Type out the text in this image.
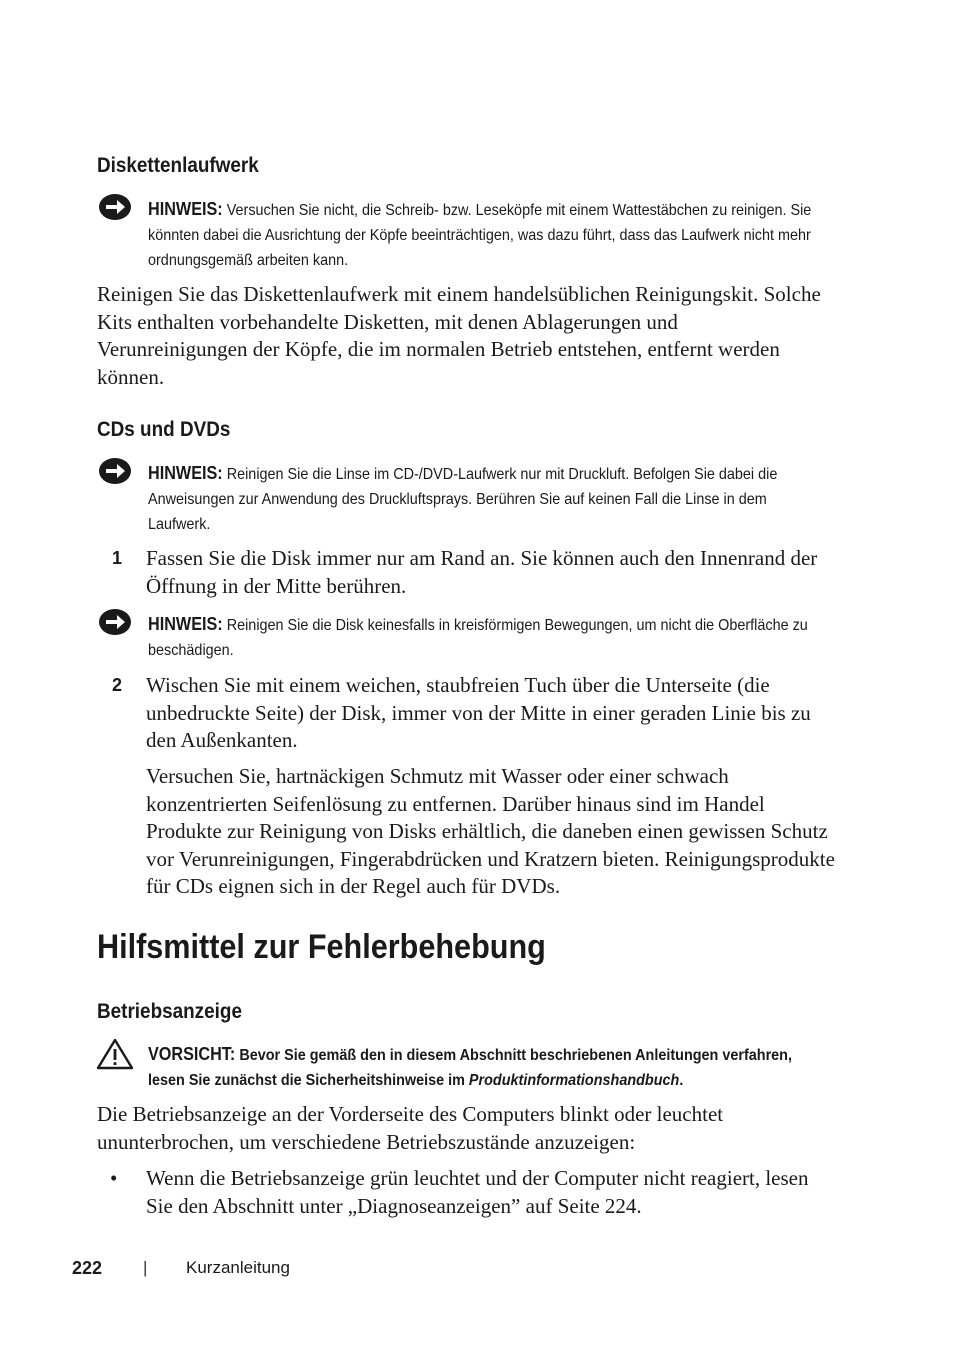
Diskettenlaufwerk
HINWEIS: Versuchen Sie nicht, die Schreib- bzw. Leseköpfe mit einem Wattestäbchen zu reinigen. Sie könnten dabei die Ausrichtung der Köpfe beeinträchtigen, was dazu führt, dass das Laufwerk nicht mehr ordnungsgemäß arbeiten kann.
Reinigen Sie das Diskettenlaufwerk mit einem handelsüblichen Reinigungskit. Solche Kits enthalten vorbehandelte Disketten, mit denen Ablagerungen und Verunreinigungen der Köpfe, die im normalen Betrieb entstehen, entfernt werden können.
CDs und DVDs
HINWEIS: Reinigen Sie die Linse im CD-/DVD-Laufwerk nur mit Druckluft. Befolgen Sie dabei die Anweisungen zur Anwendung des Druckluftsprays. Berühren Sie auf keinen Fall die Linse in dem Laufwerk.
1 Fassen Sie die Disk immer nur am Rand an. Sie können auch den Innenrand der Öffnung in der Mitte berühren.
HINWEIS: Reinigen Sie die Disk keinesfalls in kreisförmigen Bewegungen, um nicht die Oberfläche zu beschädigen.
2 Wischen Sie mit einem weichen, staubfreien Tuch über die Unterseite (die unbedruckte Seite) der Disk, immer von der Mitte in einer geraden Linie bis zu den Außenkanten.
Versuchen Sie, hartnäckigen Schmutz mit Wasser oder einer schwach konzentrierten Seifenlösung zu entfernen. Darüber hinaus sind im Handel Produkte zur Reinigung von Disks erhältlich, die daneben einen gewissen Schutz vor Verunreinigungen, Fingerabdrücken und Kratzern bieten. Reinigungsprodukte für CDs eignen sich in der Regel auch für DVDs.
Hilfsmittel zur Fehlerbehebung
Betriebsanzeige
VORSICHT: Bevor Sie gemäß den in diesem Abschnitt beschriebenen Anleitungen verfahren, lesen Sie zunächst die Sicherheitshinweise im Produktinformationshandbuch.
Die Betriebsanzeige an der Vorderseite des Computers blinkt oder leuchtet ununterbrochen, um verschiedene Betriebszustände anzuzeigen:
• Wenn die Betriebsanzeige grün leuchtet und der Computer nicht reagiert, lesen Sie den Abschnitt unter „Diagnoseanzeigen” auf Seite 224.
222 | Kurzanleitung
